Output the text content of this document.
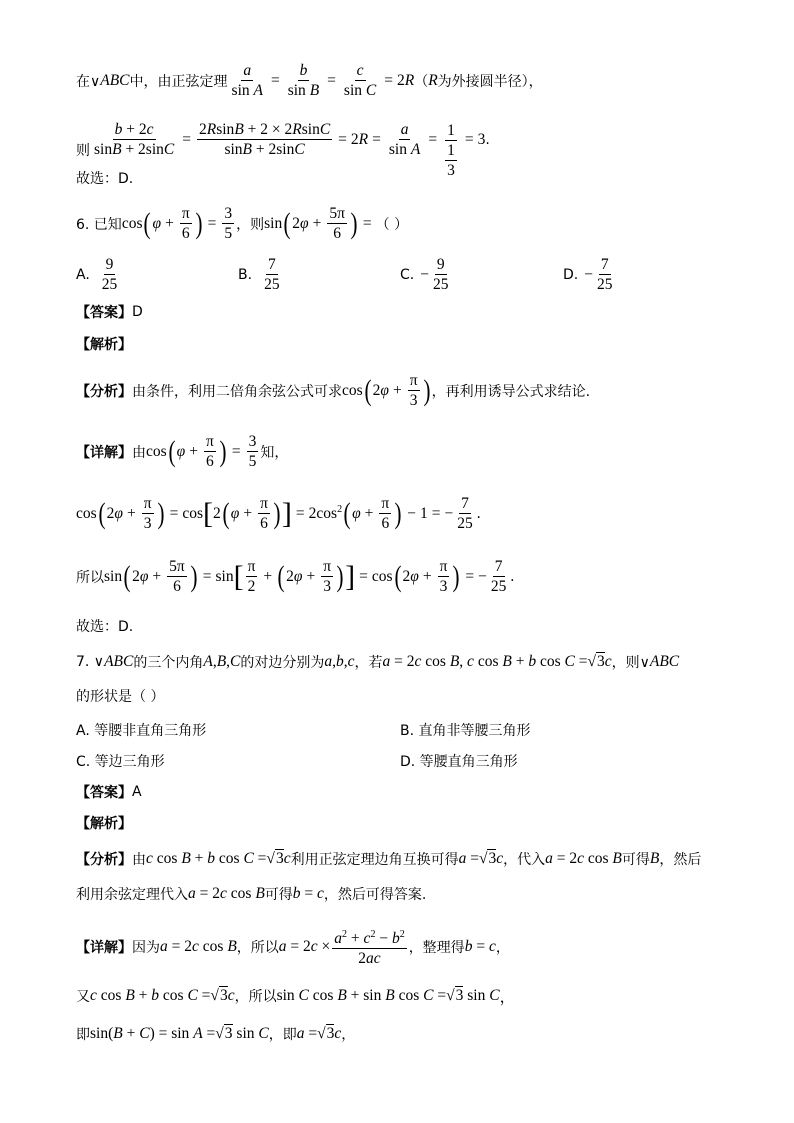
在∨ ABC 中，由正弦定理 $\frac{a}{\text{sin A}} = \frac{b}{\text{sin B}} = \frac{c}{\text{sin C}} = 2R$ （ R 为外接圆半径），
则 $\frac{b + 2c}{\sin B + 2\sin C} = \frac{2RsinB + 2 \times 2RsinC}{\sin B + 2\sin C} = 2R = \frac{a}{\text{sin A}} = \frac{1}{\frac{1}{3}} = 3$ .
故选：D.
6. 已知 cos ( $\varphi + \frac{\pi}{6}$ ) = $\frac{3}{5}$ ，则 sin ( $2\varphi + \frac{5\pi}{6}$ ) = （ ）
A. $\frac{9}{25}$	B. $\frac{7}{25}$	C. − $\frac{9}{25}$	D. − $\frac{7}{25}$
【答案】 D
【解析】
【分析】 由条件，利用二倍角余弦公式可求 cos ( $2\varphi + \frac{\pi}{3}$ ) ，再利用诱导公式求结论.
【详解】 由 cos ( $\varphi + \frac{\pi}{6}$ ) = $\frac{3}{5}$ 知，
cos ( $2\varphi + \frac{\pi}{3}$ ) = cos [ 2 ( $\varphi + \frac{\pi}{6}$ ) ] = $2\cos^2$ ( $\varphi + \frac{\pi}{6}$ ) − 1 = − $\frac{7}{25}$ .
所以 sin ( $2\varphi + \frac{5\pi}{6}$ ) = sin [ $\frac{\pi}{2}$ + ( $2\varphi + \frac{\pi}{3}$ ) ] = cos ( $2\varphi + \frac{\pi}{3}$ ) = − $\frac{7}{25}$ .
故选：D.
7. ∨ ABC 的三个内角 A , B , C 的对边分别为 a , b , c ，若 a = 2c cos B, c cos B + b cos C = √3c ，则∨ ABC
的形状是（ ）
A. 等腰非直角三角形	B. 直角非等腰三角形
C. 等边三角形	D. 等腰直角三角形
【答案】 A
【解析】
【分析】 由 c cos B + b cos C = √3c 利用正弦定理边角互换可得 a = √3c ，代入 a = 2c cos B 可得 B ，然后
利用余弦定理代入 a = 2c cos B 可得 b = c ，然后可得答案.
【详解】 因为 a = 2c cos B ，所以 $a = 2c \times \frac{a^2 + c^2 - b^2}{2ac}$ ，整理得 b = c ，
又 c cos B + b cos C = √3c ，所以 sin C cos B + sin B cos C = √3 sin C ，
即 sin(B + C) = sin A = √3 sin C ，即 a = √3c ，
